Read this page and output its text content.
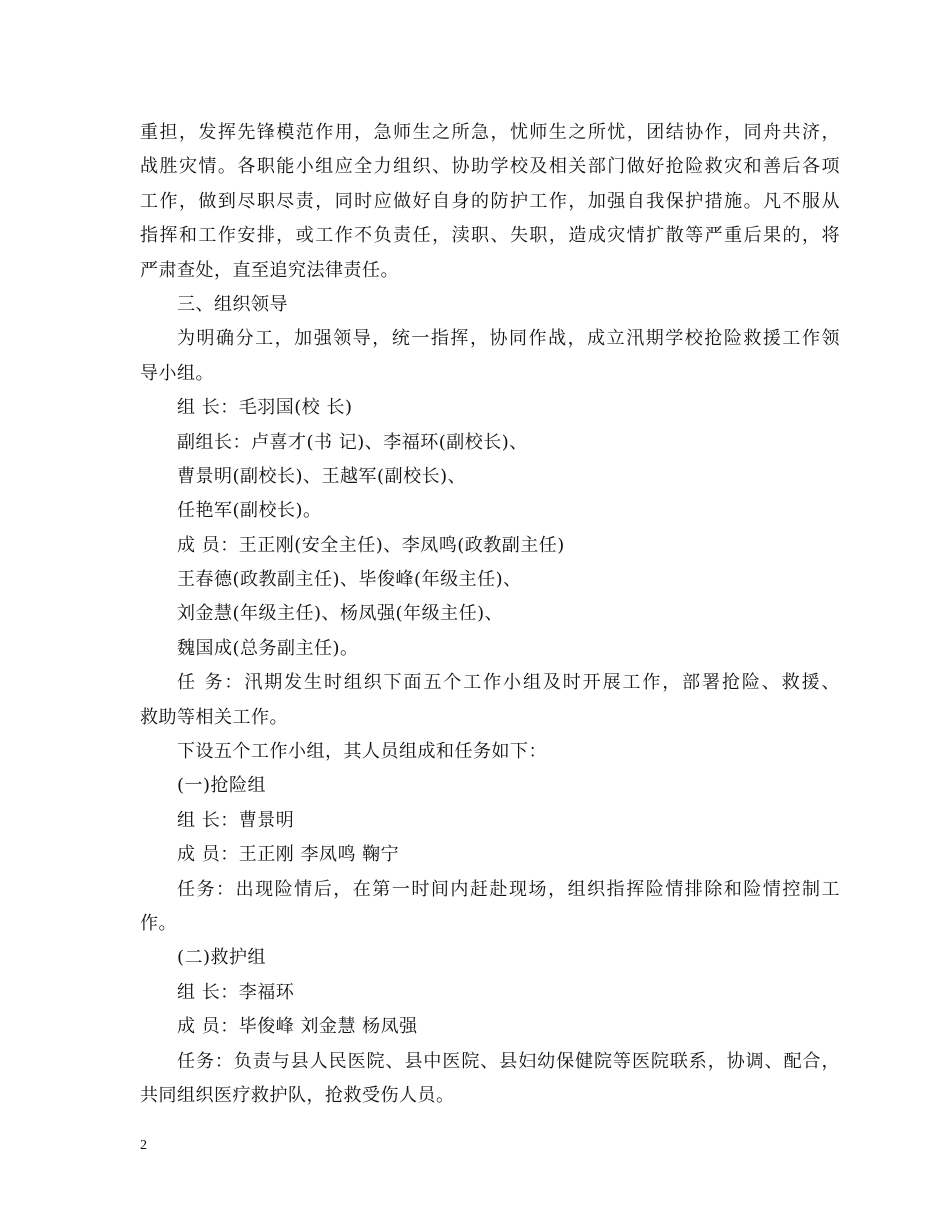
重担，发挥先锋模范作用，急师生之所急，忧师生之所忧，团结协作，同舟共济，
战胜灾情。各职能小组应全力组织、协助学校及相关部门做好抢险救灾和善后各项
工作，做到尽职尽责，同时应做好自身的防护工作，加强自我保护措施。凡不服从
指挥和工作安排，或工作不负责任，渎职、失职，造成灾情扩散等严重后果的，将
严肃查处，直至追究法律责任。
三、组织领导
为明确分工，加强领导，统一指挥，协同作战，成立汛期学校抢险救援工作领
导小组。
组 长：毛羽国(校 长)
副组长：卢喜才(书 记)、李福环(副校长)、
曹景明(副校长)、王越军(副校长)、
任艳军(副校长)。
成 员：王正刚(安全主任)、李凤鸣(政教副主任)
王春德(政教副主任)、毕俊峰(年级主任)、
刘金慧(年级主任)、杨凤强(年级主任)、
魏国成(总务副主任)。
任 务：汛期发生时组织下面五个工作小组及时开展工作，部署抢险、救援、
救助等相关工作。
下设五个工作小组，其人员组成和任务如下：
(一)抢险组
组 长：曹景明
成 员：王正刚 李凤鸣 鞠宁
任务：出现险情后，在第一时间内赶赴现场，组织指挥险情排除和险情控制工
作。
(二)救护组
组 长：李福环
成 员：毕俊峰 刘金慧 杨凤强
任务：负责与县人民医院、县中医院、县妇幼保健院等医院联系，协调、配合，
共同组织医疗救护队，抢救受伤人员。
2
